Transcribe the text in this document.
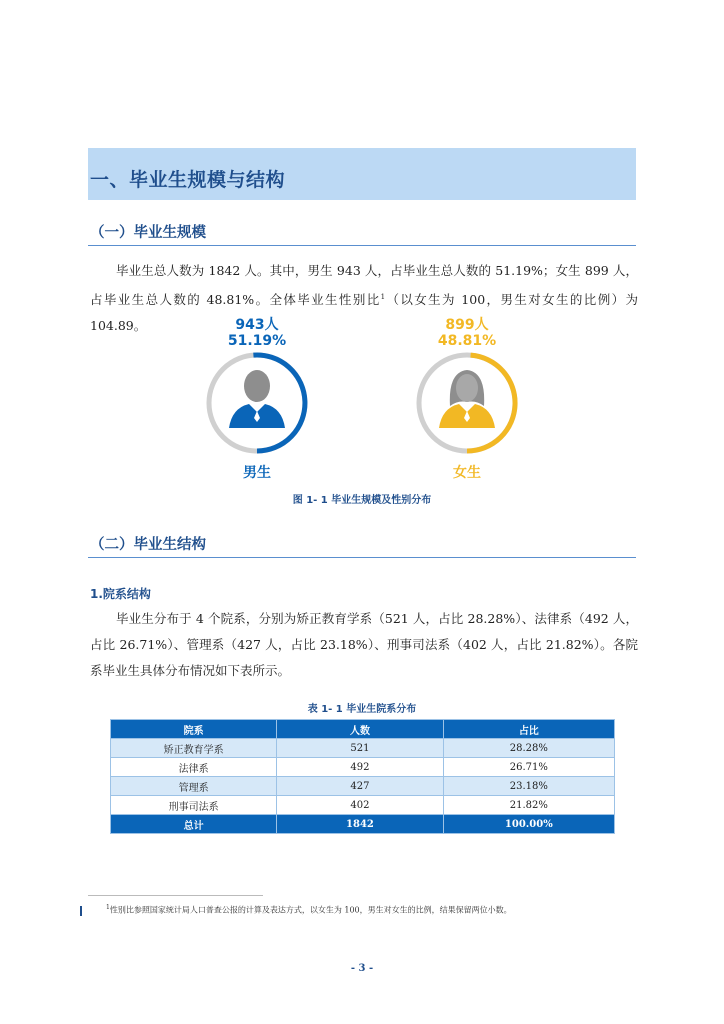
一、毕业生规模与结构
（一）毕业生规模
毕业生总人数为 1842 人。其中，男生 943 人，占毕业生总人数的 51.19%；女生 899 人，占毕业生总人数的 48.81%。全体毕业生性别比$^1$（以女生为 100，男生对女生的比例）为 104.89。	943人
51.19%
男生
899人
48.81%
女生
图 1- 1 毕业生规模及性别分布
（二）毕业生结构
1.院系结构
毕业生分布于 4 个院系，分别为矫正教育学系（521 人，占比 28.28%）、法律系（492 人，占比 26.71%）、管理系（427 人，占比 23.18%）、刑事司法系（402 人，占比 21.82%）。各院系毕业生具体分布情况如下表所示。
表 1- 1 毕业生院系分布
院系	人数	占比
矫正教育学系	521	28.28%
法律系	492	26.71%
管理系	427	23.18%
刑事司法系	402	21.82%
总计	1842	100.00%
$^1$性别比参照国家统计局人口普查公报的计算及表达方式，以女生为 100，男生对女生的比例，结果保留两位小数。
- 3 -
